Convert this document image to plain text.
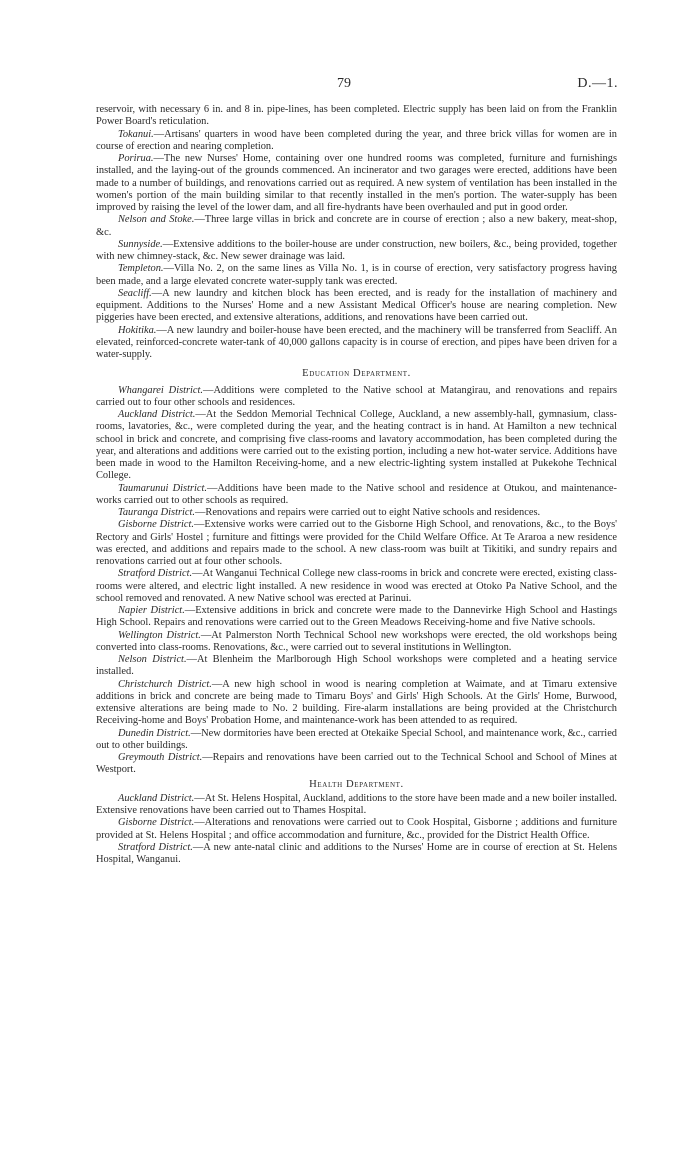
79	D.—1.

reservoir, with necessary 6 in. and 8 in. pipe-lines, has been completed. Electric supply has been laid on from the Franklin Power Board's reticulation.

Tokanui.—Artisans' quarters in wood have been completed during the year, and three brick villas for women are in course of erection and nearing completion.

Porirua.—The new Nurses' Home, containing over one hundred rooms was completed, furniture and furnishings installed, and the laying-out of the grounds commenced. An incinerator and two garages were erected, additions have been made to a number of buildings, and renovations carried out as required. A new system of ventilation has been installed in the women's portion of the main building similar to that recently installed in the men's portion. The water-supply has been improved by raising the level of the lower dam, and all fire-hydrants have been overhauled and put in good order.

Nelson and Stoke.—Three large villas in brick and concrete are in course of erection ; also a new bakery, meat-shop, &c.

Sunnyside.—Extensive additions to the boiler-house are under construction, new boilers, &c., being provided, together with new chimney-stack, &c. New sewer drainage was laid.

Templeton.—Villa No. 2, on the same lines as Villa No. 1, is in course of erection, very satisfactory progress having been made, and a large elevated concrete water-supply tank was erected.

Seacliff.—A new laundry and kitchen block has been erected, and is ready for the installation of machinery and equipment. Additions to the Nurses' Home and a new Assistant Medical Officer's house are nearing completion. New piggeries have been erected, and extensive alterations, additions, and renovations have been carried out.

Hokitika.—A new laundry and boiler-house have been erected, and the machinery will be transferred from Seacliff. An elevated, reinforced-concrete water-tank of 40,000 gallons capacity is in course of erection, and pipes have been driven for a water-supply.

Education Department.

Whangarei District.—Additions were completed to the Native school at Matangirau, and renovations and repairs carried out to four other schools and residences.

Auckland District.—At the Seddon Memorial Technical College, Auckland, a new assembly-hall, gymnasium, class-rooms, lavatories, &c., were completed during the year, and the heating contract is in hand. At Hamilton a new technical school in brick and concrete, and comprising five class-rooms and lavatory accommodation, has been completed during the year, and alterations and additions were carried out to the existing portion, including a new hot-water service. Additions have been made in wood to the Hamilton Receiving-home, and a new electric-lighting system installed at Pukekohe Technical College.

Taumarunui District.—Additions have been made to the Native school and residence at Otukou, and maintenance-works carried out to other schools as required.

Tauranga District.—Renovations and repairs were carried out to eight Native schools and residences.

Gisborne District.—Extensive works were carried out to the Gisborne High School, and renovations, &c., to the Boys' Rectory and Girls' Hostel ; furniture and fittings were provided for the Child Welfare Office. At Te Araroa a new residence was erected, and additions and repairs made to the school. A new class-room was built at Tikitiki, and sundry repairs and renovations carried out at four other schools.

Stratford District.—At Wanganui Technical College new class-rooms in brick and concrete were erected, existing class-rooms were altered, and electric light installed. A new residence in wood was erected at Otoko Pa Native School, and the school removed and renovated. A new Native school was erected at Parinui.

Napier District.—Extensive additions in brick and concrete were made to the Dannevirke High School and Hastings High School. Repairs and renovations were carried out to the Green Meadows Receiving-home and five Native schools.

Wellington District.—At Palmerston North Technical School new workshops were erected, the old workshops being converted into class-rooms. Renovations, &c., were carried out to several institutions in Wellington.

Nelson District.—At Blenheim the Marlborough High School workshops were completed and a heating service installed.

Christchurch District.—A new high school in wood is nearing completion at Waimate, and at Timaru extensive additions in brick and concrete are being made to Timaru Boys' and Girls' High Schools. At the Girls' Home, Burwood, extensive alterations are being made to No. 2 building. Fire-alarm installations are being provided at the Christchurch Receiving-home and Boys' Probation Home, and maintenance-work has been attended to as required.

Dunedin District.—New dormitories have been erected at Otekaike Special School, and maintenance work, &c., carried out to other buildings.

Greymouth District.—Repairs and renovations have been carried out to the Technical School and School of Mines at Westport.

Health Department.

Auckland District.—At St. Helens Hospital, Auckland, additions to the store have been made and a new boiler installed. Extensive renovations have been carried out to Thames Hospital.

Gisborne District.—Alterations and renovations were carried out to Cook Hospital, Gisborne ; additions and furniture provided at St. Helens Hospital ; and office accommodation and furniture, &c., provided for the District Health Office.

Stratford District.—A new ante-natal clinic and additions to the Nurses' Home are in course of erection at St. Helens Hospital, Wanganui.
